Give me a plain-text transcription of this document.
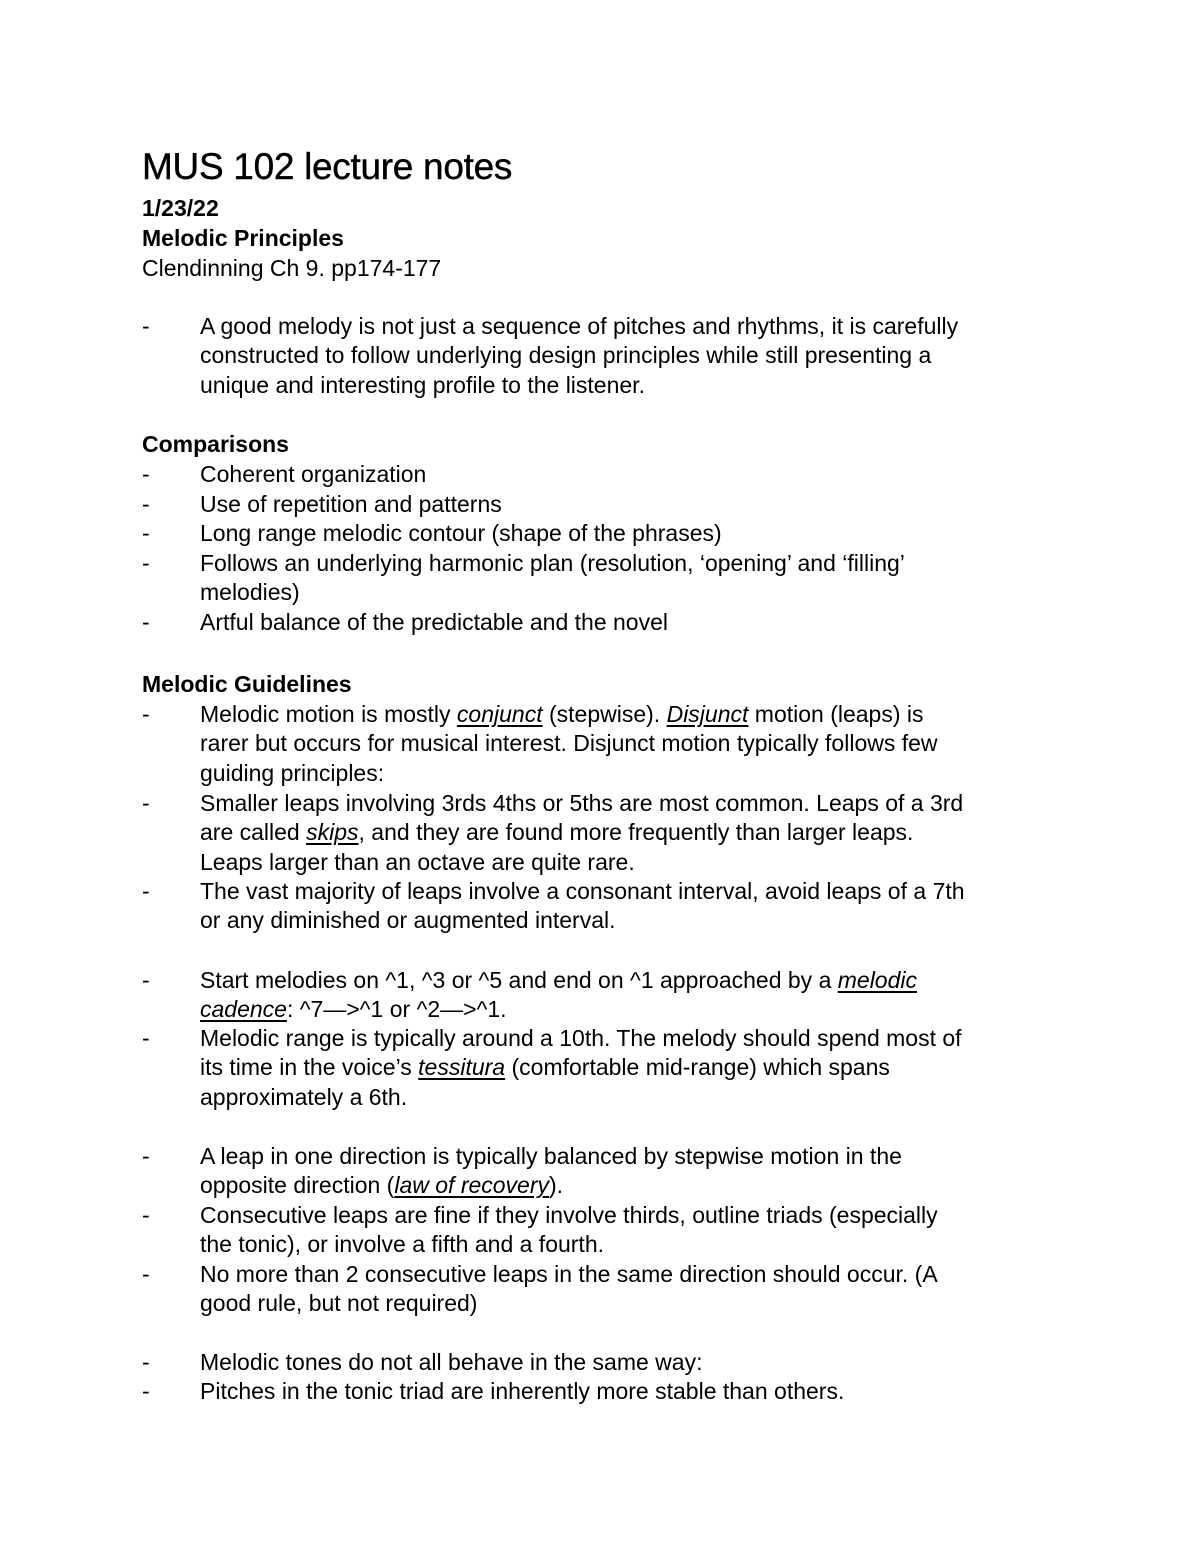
MUS 102 lecture notes
1/23/22
Melodic Principles
Clendinning Ch 9. pp174-177
-	A good melody is not just a sequence of pitches and rhythms, it is carefully
constructed to follow underlying design principles while still presenting a
unique and interesting profile to the listener.
Comparisons
-	Coherent organization
-	Use of repetition and patterns
-	Long range melodic contour (shape of the phrases)
-	Follows an underlying harmonic plan (resolution, ‘opening’ and ‘filling’
melodies)
-	Artful balance of the predictable and the novel
Melodic Guidelines
-	Melodic motion is mostly conjunct (stepwise). Disjunct motion (leaps) is
rarer but occurs for musical interest. Disjunct motion typically follows few
guiding principles:
-	Smaller leaps involving 3rds 4ths or 5ths are most common. Leaps of a 3rd
are called skips, and they are found more frequently than larger leaps.
Leaps larger than an octave are quite rare.
-	The vast majority of leaps involve a consonant interval, avoid leaps of a 7th
or any diminished or augmented interval.
-	Start melodies on ^1, ^3 or ^5 and end on ^1 approached by a melodic
cadence: ^7—>^1 or ^2—>^1.
-	Melodic range is typically around a 10th. The melody should spend most of
its time in the voice’s tessitura (comfortable mid-range) which spans
approximately a 6th.
-	A leap in one direction is typically balanced by stepwise motion in the
opposite direction (law of recovery).
-	Consecutive leaps are fine if they involve thirds, outline triads (especially
the tonic), or involve a fifth and a fourth.
-	No more than 2 consecutive leaps in the same direction should occur. (A
good rule, but not required)
-	Melodic tones do not all behave in the same way:
-	Pitches in the tonic triad are inherently more stable than others.
